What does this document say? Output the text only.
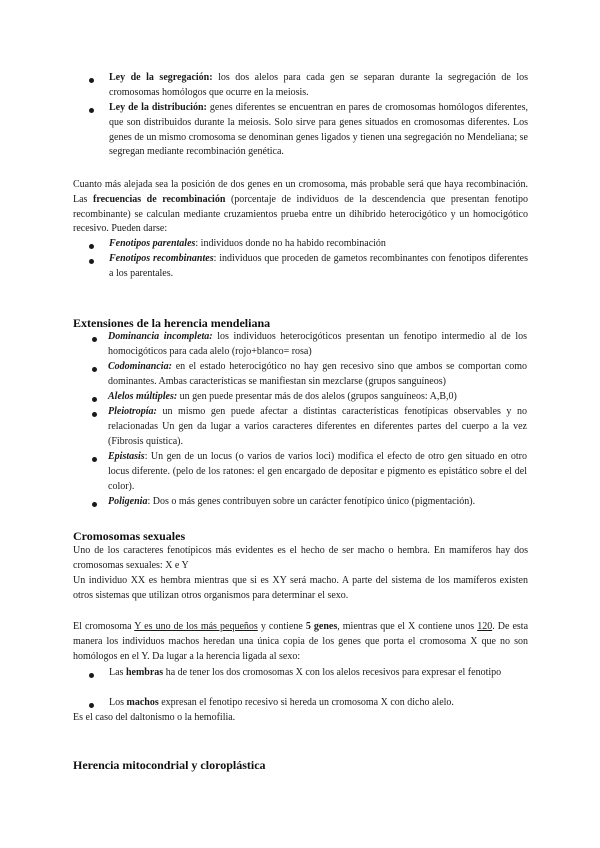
Ley de la segregación: los dos alelos para cada gen se separan durante la segregación de los cromosomas homólogos que ocurre en la meiosis.

Ley de la distribución: genes diferentes se encuentran en pares de cromosomas homólogos diferentes, que son distribuidos durante la meiosis. Solo sirve para genes situados en cromosomas diferentes. Los genes de un mismo cromosoma se denominan genes ligados y tienen una segregación no Mendeliana; se segregan mediante recombinación genética.

Cuanto más alejada sea la posición de dos genes en un cromosoma, más probable será que haya recombinación. Las frecuencias de recombinación (porcentaje de individuos de la descendencia que presentan fenotipo recombinante) se calculan mediante cruzamientos prueba entre un dihíbrido heterocigótico y un homocigótico recesivo. Pueden darse:

Fenotipos parentales: individuos donde no ha habido recombinación

Fenotipos recombinantes: individuos que proceden de gametos recombinantes con fenotipos diferentes a los parentales.

Extensiones de la herencia mendeliana

Dominancia incompleta: los individuos heterocigóticos presentan un fenotipo intermedio al de los homocigóticos para cada alelo (rojo+blanco= rosa)

Codominancia: en el estado heterocigótico no hay gen recesivo sino que ambos se comportan como dominantes. Ambas características se manifiestan sin mezclarse (grupos sanguíneos)

Alelos múltiples: un gen puede presentar más de dos alelos (grupos sanguíneos: A,B,0)

Pleiotropía: un mismo gen puede afectar a distintas características fenotípicas observables y no relacionadas Un gen da lugar a varios caracteres diferentes en diferentes partes del cuerpo a la vez (Fibrosis quística).

Epistasis: Un gen de un locus (o varios de varios loci) modifica el efecto de otro gen situado en otro locus diferente. (pelo de los ratones: el gen encargado de depositar e pigmento es epistático sobre el del color).

Poligenia: Dos o más genes contribuyen sobre un carácter fenotípico único (pigmentación).

Cromosomas sexuales

Uno de los caracteres fenotípicos más evidentes es el hecho de ser macho o hembra. En mamíferos hay dos cromosomas sexuales: X e Y

Un individuo XX es hembra mientras que si es XY será macho. A parte del sistema de los mamíferos existen otros sistemas que utilizan otros organismos para determinar el sexo.

El cromosoma Y es uno de los más pequeños y contiene 5 genes, mientras que el X contiene unos 120. De esta manera los individuos machos heredan una única copia de los genes que porta el cromosoma X que no son homólogos en el Y. Da lugar a la herencia ligada al sexo:

Las hembras ha de tener los dos cromosomas X con los alelos recesivos para expresar el fenotipo

Los machos expresan el fenotipo recesivo si hereda un cromosoma X con dicho alelo.

Es el caso del daltonismo o la hemofilia.

Herencia mitocondrial y cloroplástica
